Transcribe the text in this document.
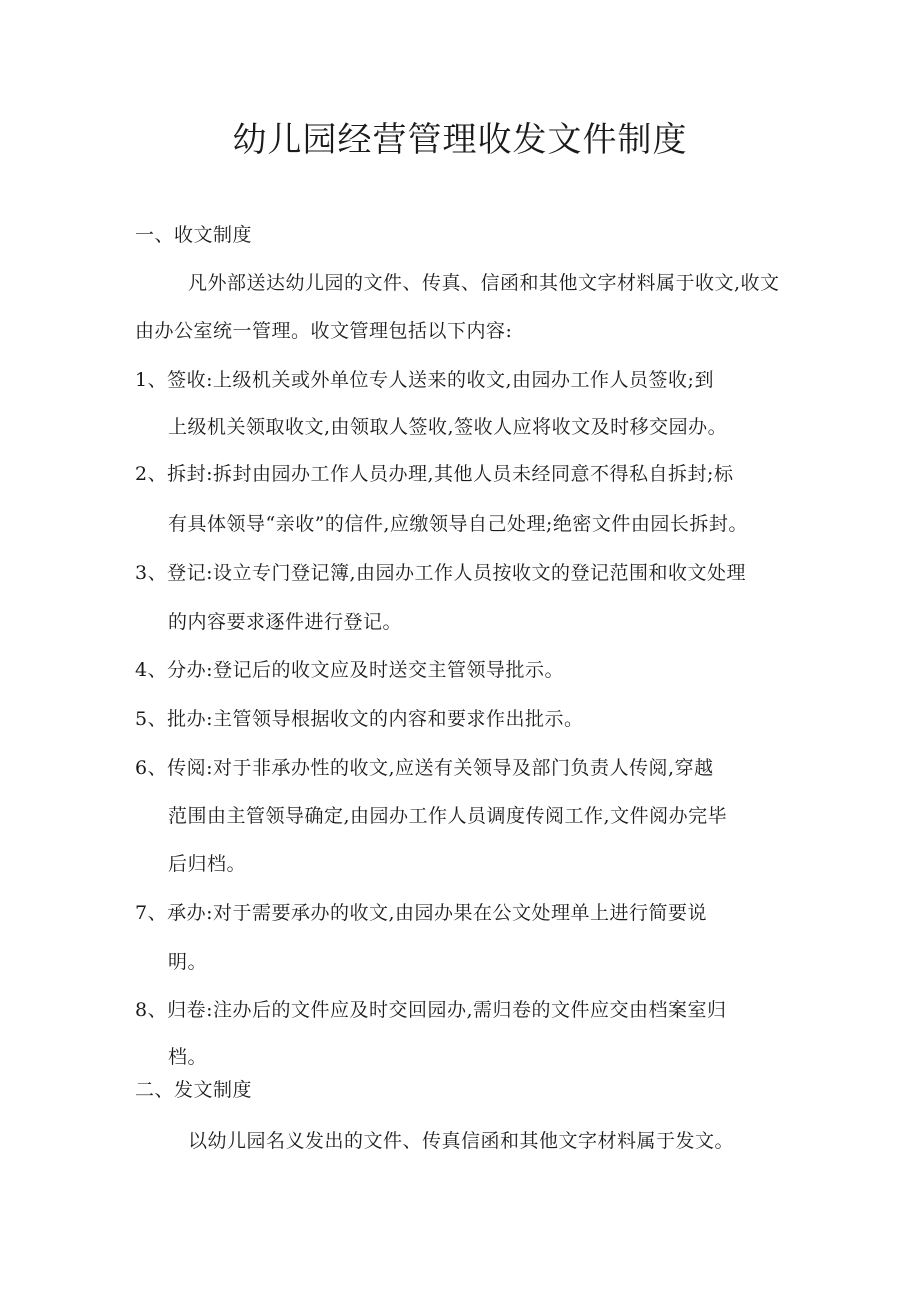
幼儿园经营管理收发文件制度
一、收文制度
凡外部送达幼儿园的文件、传真、信函和其他文字材料属于收文,收文
由办公室统一管理。收文管理包括以下内容:
1、签收:上级机关或外单位专人送来的收文,由园办工作人员签收;到
上级机关领取收文,由领取人签收,签收人应将收文及时移交园办。
2、拆封:拆封由园办工作人员办理,其他人员未经同意不得私自拆封;标
有具体领导“亲收”的信件,应缴领导自己处理;绝密文件由园长拆封。
3、登记:设立专门登记簿,由园办工作人员按收文的登记范围和收文处理
的内容要求逐件进行登记。
4、分办:登记后的收文应及时送交主管领导批示。
5、批办:主管领导根据收文的内容和要求作出批示。
6、传阅:对于非承办性的收文,应送有关领导及部门负责人传阅,穿越
范围由主管领导确定,由园办工作人员调度传阅工作,文件阅办完毕
后归档。
7、承办:对于需要承办的收文,由园办果在公文处理单上进行简要说
明。
8、归卷:注办后的文件应及时交回园办,需归卷的文件应交由档案室归
档。
二、发文制度
以幼儿园名义发出的文件、传真信函和其他文字材料属于发文。
